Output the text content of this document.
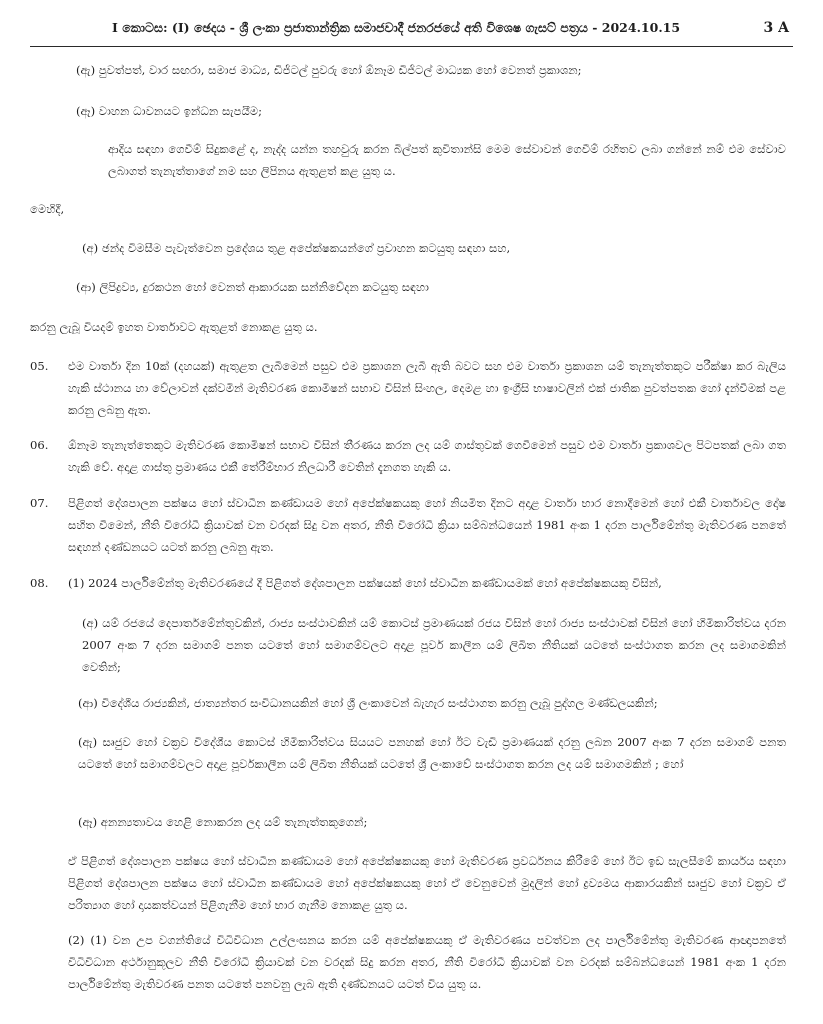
I කොටස: (I) ඡෙදය - ශ්‍රී ලංකා ප්‍රජාතාන්ත්‍රික සමාජවාදී ජනරජයේ අති විශෙෂ ගැසට් පත්‍රය - 2024.10.15	3 A

(ඇ) පුවත්පත්, වාර සඟරා, සමාජ මාධ්‍ය, ඩිජිටල් පුවරු හෝ ඕනෑම ඩිජිටල් මාධ්‍යක හෝ වෙනත් ප්‍රකාශන;

(ඈ) වාහන ධාවනයට ඉන්ධන සැපයීම;

ආදිය සඳහා ගෙවීම් සිදුකළේ ද, නැද්ද යන්න තහවුරු කරන බිල්පත් කුවිතාන්සි මෙම සේවාවන් ගෙවීම් රහිතව ලබා ගන්නේ නම් එම සේවාව ලබාගත් තැනැත්තාගේ නම සහ ලිපිනය ඇතුළත් කළ යුතු ය.

මෙහිදී,

(අ) ඡන්ද විමසීම පැවැත්වෙන ප්‍රදේශය තුළ අපේක්ෂකයන්ගේ ප්‍රවාහන කටයුතු සඳහා සහ,

(ආ) ලිපිද්‍රව්‍ය, දුරකථන හෝ වෙනත් ආකාරයක සන්නිවේදන කටයුතු සඳහා

කරනු ලැබූ වියදම් ඉහත වාර්තාවට ඇතුළත් නොකළ යුතු ය.

05. එම වාර්තා දින 10ක් (දහයක්) ඇතුළත ලැබීමෙන් පසුව එම ප්‍රකාශන ලැබී ඇති බවට සහ එම වාර්තා ප්‍රකාශන යම් තැනැත්තකුට පරීක්ෂා කර බැලිය හැකි ස්ථානය හා වේලාවන් දක්වමින් මැතිවරණ කොමිෂන් සභාව විසින් සිංහල, දෙමළ හා ඉංග්‍රීසි භාෂාවලින් එක් ජාතික පුවත්පතක හෝ දැන්වීමක් පළ කරනු ලබනු ඇත.

06. ඕනෑම තැනැත්තෙකුට මැතිවරණ කොමිෂන් සභාව විසින් තීරණය කරන ලද යම් ගාස්තුවක් ගෙවීමෙන් පසුව එම වාර්තා ප්‍රකාශවල පිටපතක් ලබා ගත හැකි වේ. අදාළ ගාස්තු ප්‍රමාණය එකී තේරීම්භාර නිලධාරී වෙතින් දැනගත හැකි ය.

07. පිළිගත් දේශපාලන පක්ෂය හෝ ස්වාධීන කණ්ඩායම හෝ අපේක්ෂකයකු හෝ නියමිත දිනට අදාළ වාර්තා භාර නොදීමෙන් හෝ එකී වාර්තාවල දෝෂ සහිත වීමෙන්, නීති විරෝධී ක්‍රියාවක් වන වරදක් සිදු වන අතර, නීති විරෝධී ක්‍රියා සම්බන්ධයෙන් 1981 අංක 1 දරන පාර්ලිමේන්තු මැතිවරණ පනතේ සඳහන් දණ්ඩනයට යටත් කරනු ලබනු ඇත.

08. (1) 2024 පාර්ලිමේන්තු මැතිවරණයේ දී පිළිගත් දේශපාලන පක්ෂයක් හෝ ස්වාධීන කණ්ඩායමක් හෝ අපේක්ෂකයකු විසින්,

(අ) යම් රජයේ දෙපාර්තමේන්තුවකින්, රාජ්‍ය සංස්ථාවකින් යම් කොටස් ප්‍රමාණයක් රජය විසින් හෝ රාජ්‍ය සංස්ථාවක් විසින් හෝ හිමිකාරිත්වය දරන 2007 අංක 7 දරන සමාගම් පනත යටතේ හෝ සමාගම්වලට අදාළ පූර්ව කාලීන යම් ලිඛිත නීතියක් යටතේ සංස්ථාගත කරන ලද සමාගමකින් වෙතින්;

(ආ) විදේශීය රාජ්‍යකින්, ජාත්‍යන්තර සංවිධානයකින් හෝ ශ්‍රී ලංකාවෙන් බැහැර සංස්ථාගත කරනු ලැබූ පුද්ගල මණ්ඩලයකින්;

(ඇ) සෘජුව හෝ වක්‍රව විදේශීය කොටස් හිමිකාරිත්වය සියයට පනහක් හෝ ඊට වැඩි ප්‍රමාණයක් දරනු ලබන 2007 අංක 7 දරන සමාගම් පනත යටතේ හෝ සමාගම්වලට අදාළ පූර්වකාලීන යම් ලිඛිත නීතියක් යටතේ ශ්‍රී ලංකාවේ සංස්ථාගත කරන ලද යම් සමාගමකින් ; හෝ

(ඈ) අනන්‍යතාවය හෙළි නොකරන ලද යම් තැනැත්තකුගෙන්;

ඒ පිළිගත් දේශපාලන පක්ෂය හෝ ස්වාධීන කණ්ඩායම හෝ අපේක්ෂකයකු හෝ මැතිවරණ ප්‍රවර්ධනය කිරීමේ හෝ ඊට ඉඩ සැලසීමේ කාර්යය සඳහා පිළිගත් දේශපාලන පක්ෂය හෝ ස්වාධීන කණ්ඩායම හෝ අපේක්ෂකයකු හෝ ඒ වෙනුවෙන් මුදලින් හෝ ද්‍රව්‍යමය ආකාරයකින් සෘජුව හෝ වක්‍රව ඒ පරිත්‍යාග හෝ දායකත්වයන් පිළිගැනීම හෝ භාර ගැනීම නොකළ යුතු ය.

(2) (1) වන උප වගන්තියේ විධිවිධාන උල්ලංඝනය කරන යම් අපේක්ෂකයකු ඒ මැතිවරණය පවත්වන ලද පාර්ලිමේන්තු මැතිවරණ ආඥාපනතේ විධිවිධාන අර්ථානුකූලව නීති විරෝධී ක්‍රියාවක් වන වරදක් සිදු කරන අතර, නීති විරෝධී ක්‍රියාවක් වන වරදක් සම්බන්ධයෙන් 1981 අංක 1 දරන පාර්ලිමේන්තු මැතිවරණ පනත යටතේ පනවනු ලැබ ඇති දණ්ඩනයට යටත් විය යුතු ය.
